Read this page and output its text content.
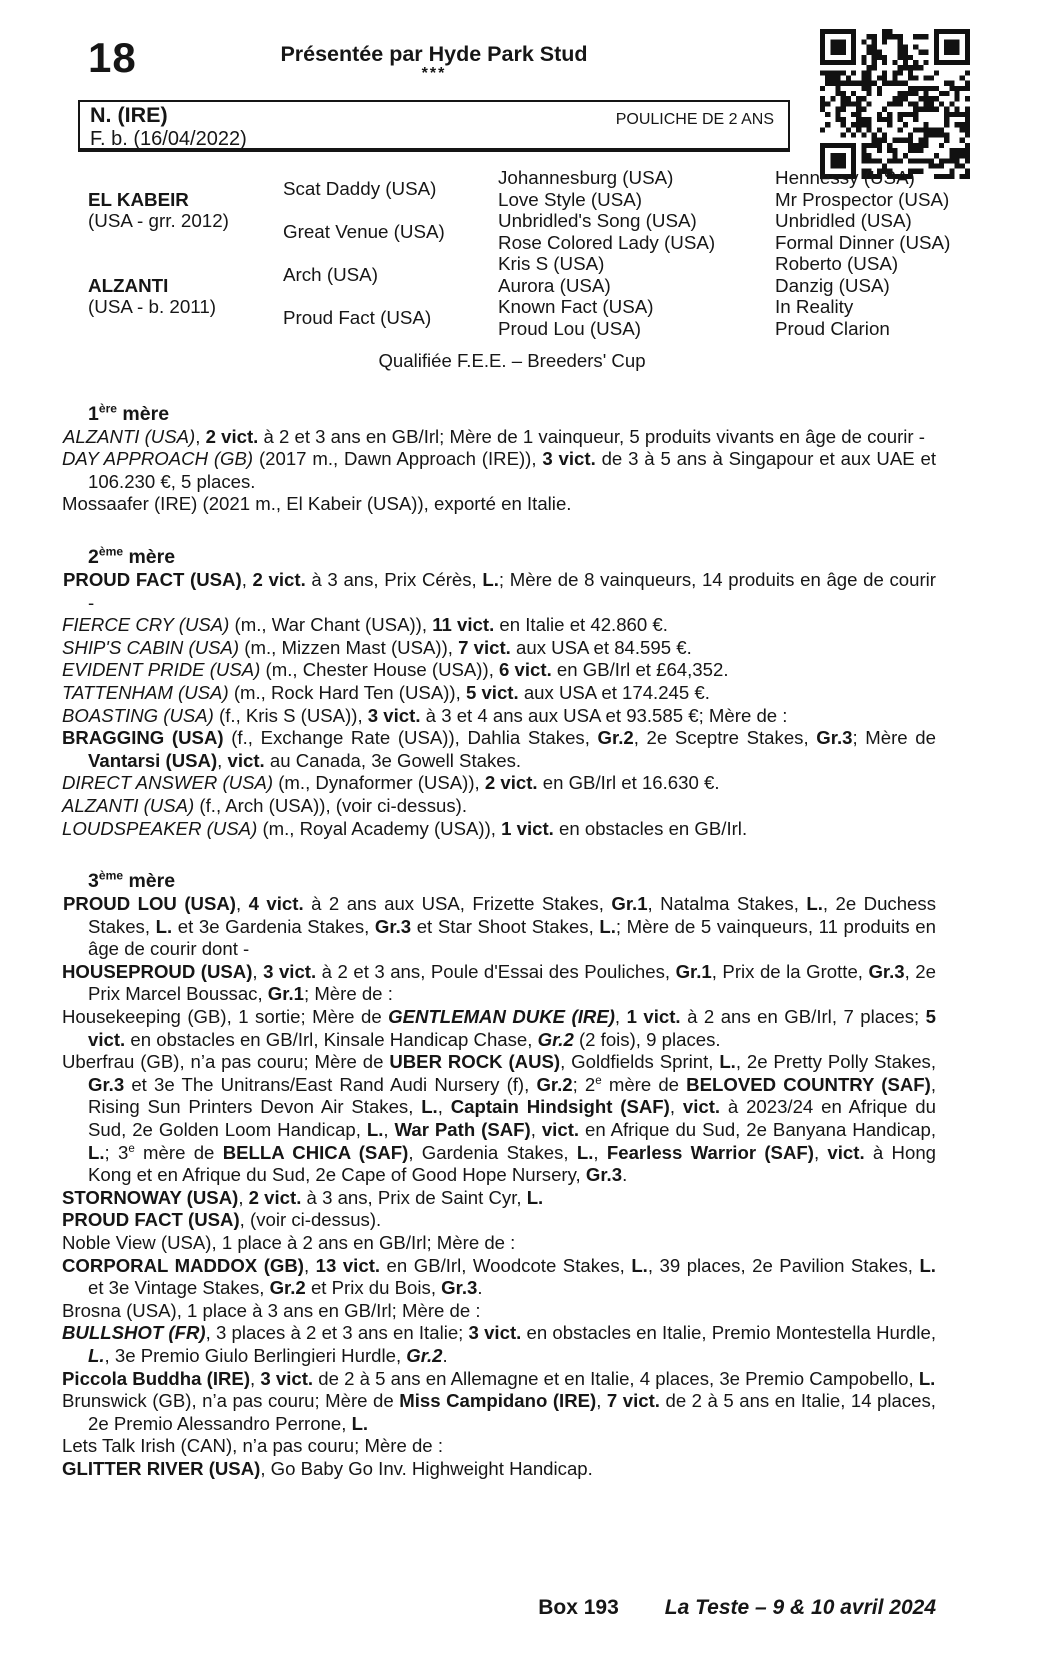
18	Présentée par Hyde Park Stud
***
N. (IRE)
F. b. (16/04/2022)
POULICHE DE 2 ANS
EL KABEIR
(USA - grr. 2012)
ALZANTI
(USA - b. 2011)
Scat Daddy (USA)
Great Venue (USA)
Arch (USA)
Proud Fact (USA)
Johannesburg (USA)
Love Style (USA)
Unbridled's Song (USA)
Rose Colored Lady (USA)
Kris S (USA)
Aurora (USA)
Known Fact (USA)
Proud Lou (USA)
Hennessy (USA)
Mr Prospector (USA)
Unbridled (USA)
Formal Dinner (USA)
Roberto (USA)
Danzig (USA)
In Reality
Proud Clarion

Qualifiée F.E.E. – Breeders' Cup

1ère mère

ALZANTI (USA), 2 vict. à 2 et 3 ans en GB/Irl; Mère de 1 vainqueur, 5 produits vivants en âge de courir -

DAY APPROACH (GB) (2017 m., Dawn Approach (IRE)), 3 vict. de 3 à 5 ans à Singapour et aux UAE et 106.230 €, 5 places.

Mossaafer (IRE) (2021 m., El Kabeir (USA)), exporté en Italie.

2ème mère

PROUD FACT (USA), 2 vict. à 3 ans, Prix Cérès, L.; Mère de 8 vainqueurs, 14 produits en âge de courir -

FIERCE CRY (USA) (m., War Chant (USA)), 11 vict. en Italie et 42.860 €.

SHIP'S CABIN (USA) (m., Mizzen Mast (USA)), 7 vict. aux USA et 84.595 €.

EVIDENT PRIDE (USA) (m., Chester House (USA)), 6 vict. en GB/Irl et £64,352.

TATTENHAM (USA) (m., Rock Hard Ten (USA)), 5 vict. aux USA et 174.245 €.

BOASTING (USA) (f., Kris S (USA)), 3 vict. à 3 et 4 ans aux USA et 93.585 €; Mère de :

BRAGGING (USA) (f., Exchange Rate (USA)), Dahlia Stakes, Gr.2, 2e Sceptre Stakes, Gr.3; Mère de Vantarsi (USA), vict. au Canada, 3e Gowell Stakes.

DIRECT ANSWER (USA) (m., Dynaformer (USA)), 2 vict. en GB/Irl et 16.630 €.

ALZANTI (USA) (f., Arch (USA)), (voir ci-dessus).

LOUDSPEAKER (USA) (m., Royal Academy (USA)), 1 vict. en obstacles en GB/Irl.

3ème mère

PROUD LOU (USA), 4 vict. à 2 ans aux USA, Frizette Stakes, Gr.1, Natalma Stakes, L., 2e Duchess Stakes, L. et 3e Gardenia Stakes, Gr.3 et Star Shoot Stakes, L.; Mère de 5 vainqueurs, 11 produits en âge de courir dont -

HOUSEPROUD (USA), 3 vict. à 2 et 3 ans, Poule d'Essai des Pouliches, Gr.1, Prix de la Grotte, Gr.3, 2e Prix Marcel Boussac, Gr.1; Mère de :

Housekeeping (GB), 1 sortie; Mère de GENTLEMAN DUKE (IRE), 1 vict. à 2 ans en GB/Irl, 7 places; 5 vict. en obstacles en GB/Irl, Kinsale Handicap Chase, Gr.2 (2 fois), 9 places.

Uberfrau (GB), n’a pas couru; Mère de UBER ROCK (AUS), Goldfields Sprint, L., 2e Pretty Polly Stakes, Gr.3 et 3e The Unitrans/East Rand Audi Nursery (f), Gr.2; 2e mère de BELOVED COUNTRY (SAF), Rising Sun Printers Devon Air Stakes, L., Captain Hindsight (SAF), vict. à 2023/24 en Afrique du Sud, 2e Golden Loom Handicap, L., War Path (SAF), vict. en Afrique du Sud, 2e Banyana Handicap, L.; 3e mère de BELLA CHICA (SAF), Gardenia Stakes, L., Fearless Warrior (SAF), vict. à Hong Kong et en Afrique du Sud, 2e Cape of Good Hope Nursery, Gr.3.

STORNOWAY (USA), 2 vict. à 3 ans, Prix de Saint Cyr, L.

PROUD FACT (USA), (voir ci-dessus).

Noble View (USA), 1 place à 2 ans en GB/Irl; Mère de :

CORPORAL MADDOX (GB), 13 vict. en GB/Irl, Woodcote Stakes, L., 39 places, 2e Pavilion Stakes, L. et 3e Vintage Stakes, Gr.2 et Prix du Bois, Gr.3.

Brosna (USA), 1 place à 3 ans en GB/Irl; Mère de :

BULLSHOT (FR), 3 places à 2 et 3 ans en Italie; 3 vict. en obstacles en Italie, Premio Montestella Hurdle, L., 3e Premio Giulo Berlingieri Hurdle, Gr.2.

Piccola Buddha (IRE), 3 vict. de 2 à 5 ans en Allemagne et en Italie, 4 places, 3e Premio Campobello, L.

Brunswick (GB), n’a pas couru; Mère de Miss Campidano (IRE), 7 vict. de 2 à 5 ans en Italie, 14 places, 2e Premio Alessandro Perrone, L.

Lets Talk Irish (CAN), n’a pas couru; Mère de :

GLITTER RIVER (USA), Go Baby Go Inv. Highweight Handicap.

Box 193 La Teste – 9 & 10 avril 2024
